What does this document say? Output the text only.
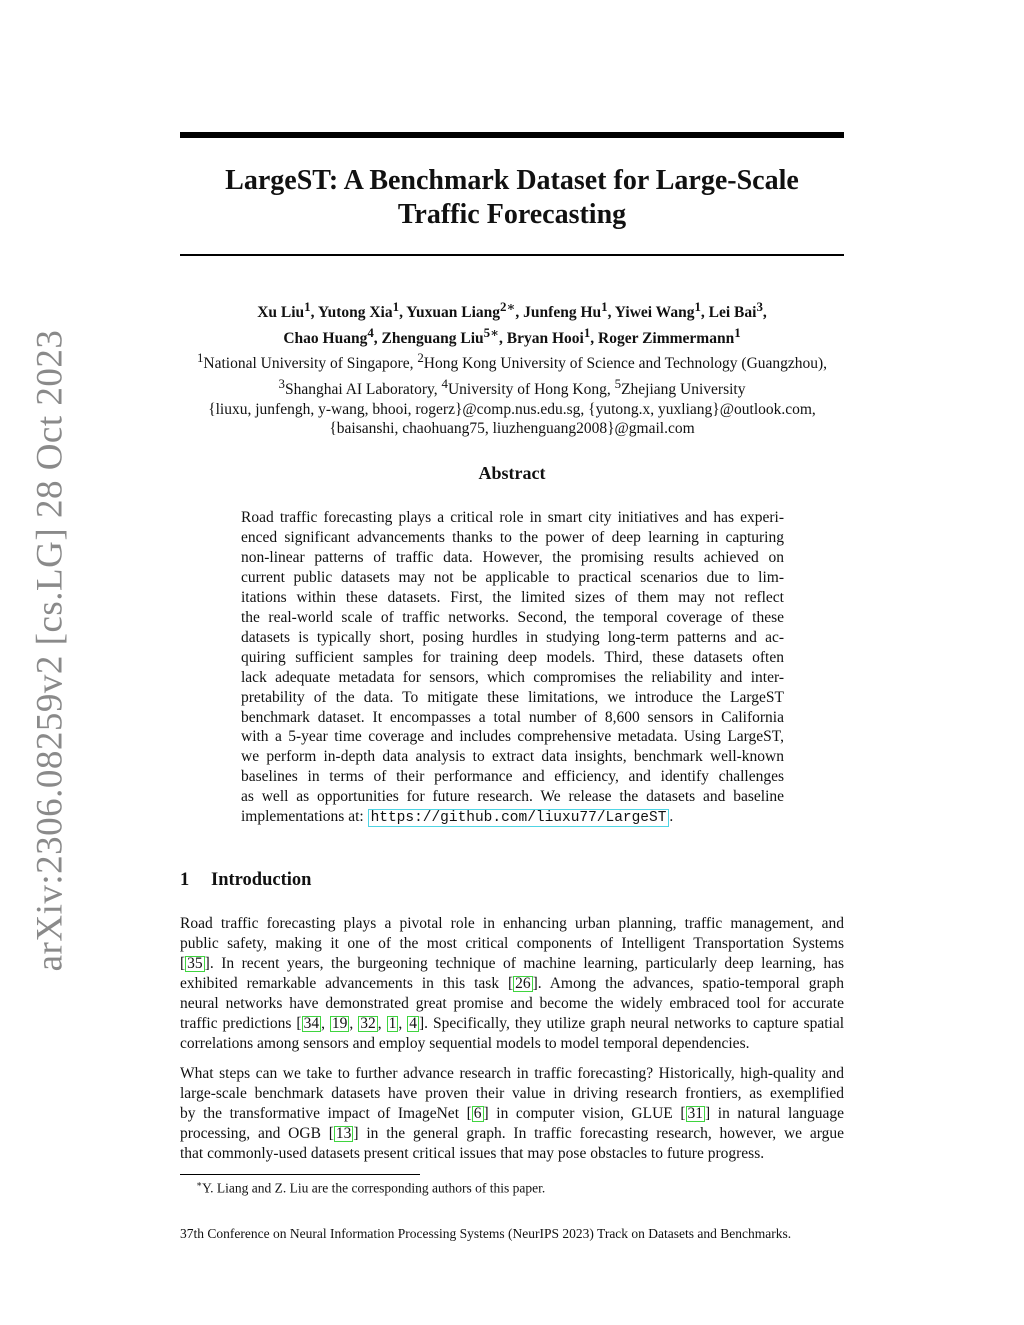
arXiv:2306.08259v2 [cs.LG] 28 Oct 2023
LargeST: A Benchmark Dataset for Large-Scale
Traffic Forecasting
Xu Liu$^1$, Yutong Xia$^1$, Yuxuan Liang$^{2∗}$, Junfeng Hu$^1$, Yiwei Wang$^1$, Lei Bai$^3$,
Chao Huang$^4$, Zhenguang Liu$^{5∗}$, Bryan Hooi$^1$, Roger Zimmermann$^1$
$^1$National University of Singapore, $^2$Hong Kong University of Science and Technology (Guangzhou),
$^3$Shanghai AI Laboratory, $^4$University of Hong Kong, $^5$Zhejiang University
{liuxu, junfengh, y-wang, bhooi, rogerz}@comp.nus.edu.sg, {yutong.x, yuxliang}@outlook.com,
{baisanshi, chaohuang75, liuzhenguang2008}@gmail.com
Abstract
Road traffic forecasting plays a critical role in smart city initiatives and has experi-
enced significant advancements thanks to the power of deep learning in capturing
non-linear patterns of traffic data. However, the promising results achieved on
current public datasets may not be applicable to practical scenarios due to lim-
itations within these datasets. First, the limited sizes of them may not reflect
the real-world scale of traffic networks. Second, the temporal coverage of these
datasets is typically short, posing hurdles in studying long-term patterns and ac-
quiring sufficient samples for training deep models. Third, these datasets often
lack adequate metadata for sensors, which compromises the reliability and inter-
pretability of the data. To mitigate these limitations, we introduce the LargeST
benchmark dataset. It encompasses a total number of 8,600 sensors in California
with a 5-year time coverage and includes comprehensive metadata. Using LargeST,
we perform in-depth data analysis to extract data insights, benchmark well-known
baselines in terms of their performance and efficiency, and identify challenges
as well as opportunities for future research. We release the datasets and baseline
implementations at: https://github.com/liuxu77/LargeST .
1 Introduction
Road traffic forecasting plays a pivotal role in enhancing urban planning, traffic management, and
public safety, making it one of the most critical components of Intelligent Transportation Systems
[ 35 ]. In recent years, the burgeoning technique of machine learning, particularly deep learning, has
exhibited remarkable advancements in this task [ 26 ]. Among the advances, spatio-temporal graph
neural networks have demonstrated great promise and become the widely embraced tool for accurate
traffic predictions [ 34 , 19 , 32 , 1 , 4 ]. Specifically, they utilize graph neural networks to capture spatial
correlations among sensors and employ sequential models to model temporal dependencies.
What steps can we take to further advance research in traffic forecasting? Historically, high-quality and
large-scale benchmark datasets have proven their value in driving research frontiers, as exemplified
by the transformative impact of ImageNet [ 6 ] in computer vision, GLUE [ 31 ] in natural language
processing, and OGB [ 13 ] in the general graph. In traffic forecasting research, however, we argue
that commonly-used datasets present critical issues that may pose obstacles to future progress.

∗Y. Liang and Z. Liu are the corresponding authors of this paper.

37th Conference on Neural Information Processing Systems (NeurIPS 2023) Track on Datasets and Benchmarks.
